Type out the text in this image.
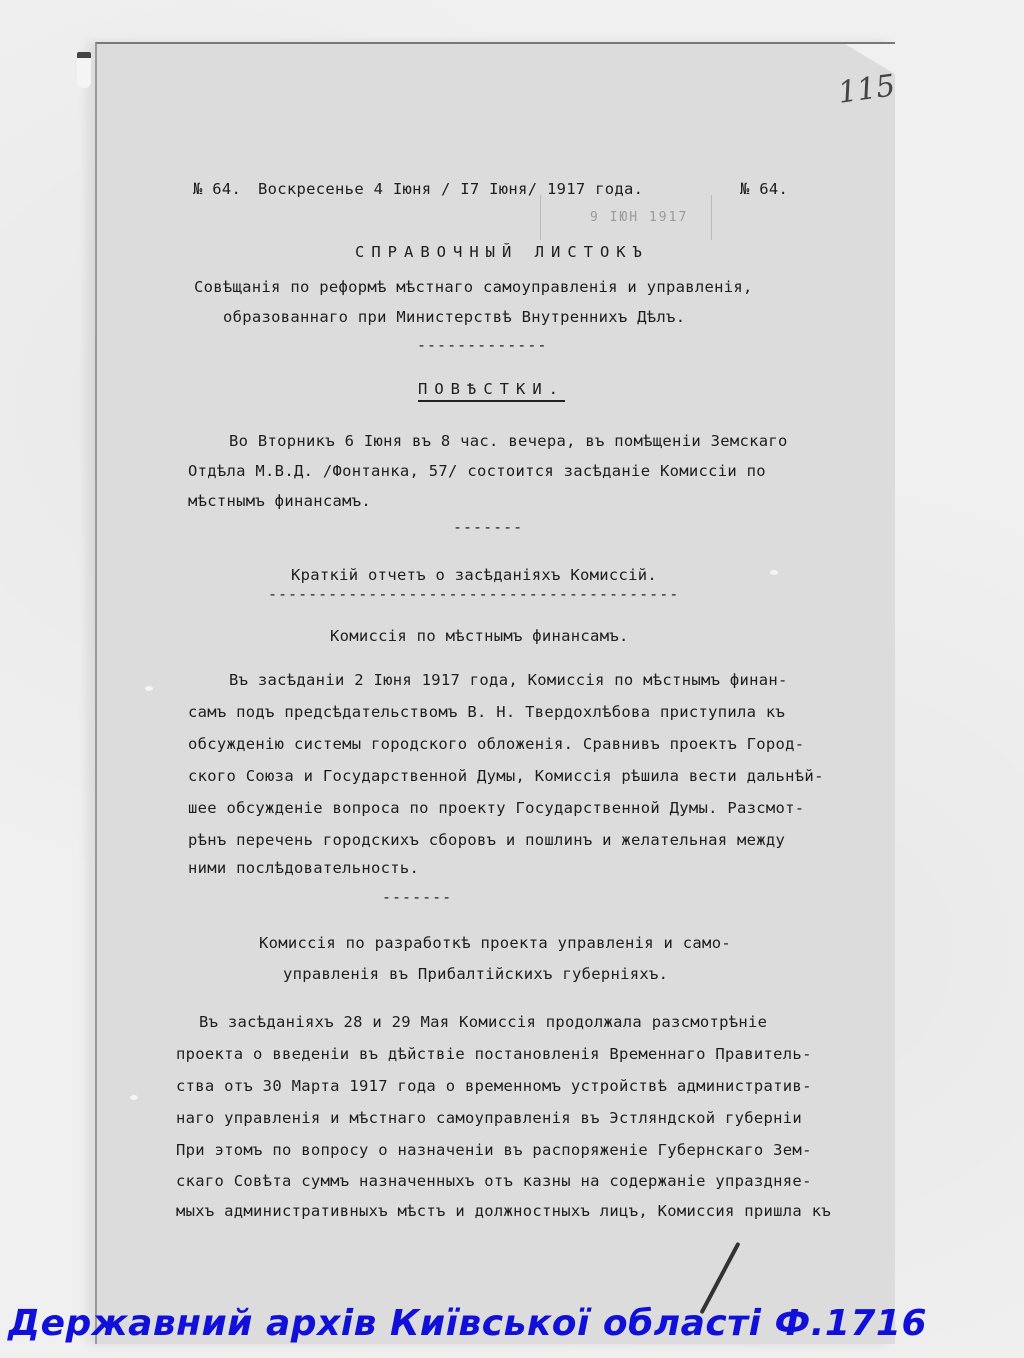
115
9 IЮН 1917
№ 64. Воскресенье 4 Iюня / I7 Iюня/ 1917 года.	№ 64.
СПРАВОЧНЫЙ ЛИСТОКЪ
Совѣщанія по реформѣ мѣстнаго самоуправленія и управленія,
образованнаго при Министерствѣ Внутреннихъ Дѣлъ.
-------------
ПОВѢСТКИ.
Во Вторникъ 6 Iюня въ 8 час. вечера, въ помѣщеніи Земскаго
Отдѣла М.В.Д. /Фонтанка, 57/ состоится засѣданіе Комиссіи по
мѣстнымъ финансамъ.
-------
Краткій отчетъ о засѣданіяхъ Комиссій.
-----------------------------------------
Комиссія по мѣстнымъ финансамъ.
Въ засѣданіи 2 Iюня 1917 года, Комиссія по мѣстнымъ финан-
самъ подъ предсѣдательствомъ В. Н. Твердохлѣбова приступила къ
обсужденію системы городского обложенія. Сравнивъ проектъ Город-
ского Союза и Государственной Думы, Комиссія рѣшила вести дальнѣй-
шее обсужденіе вопроса по проекту Государственной Думы. Разсмот-
рѣнъ перечень городскихъ сборовъ и пошлинъ и желательная между
ними послѣдовательность.
-------
Комиссія по разработкѣ проекта управленія и само-
управленія въ Прибалтійскихъ губерніяхъ.
Въ засѣданіяхъ 28 и 29 Мая Комиссія продолжала разсмотрѣніе
проекта о введеніи въ дѣйствіе постановленія Временнаго Правитель-
ства отъ 30 Марта 1917 года о временномъ устройствѣ административ-
наго управленія и мѣстнаго самоуправленія въ Эстляндской губерніи
При этомъ по вопросу о назначеніи въ распоряженіе Губернскаго Зем-
скаго Совѣта суммъ назначенныхъ отъ казны на содержаніе упраздняе-
мыхъ административныхъ мѣстъ и должностныхъ лицъ, Комиссия пришла къ
Державний архів Київської області Ф.1716
